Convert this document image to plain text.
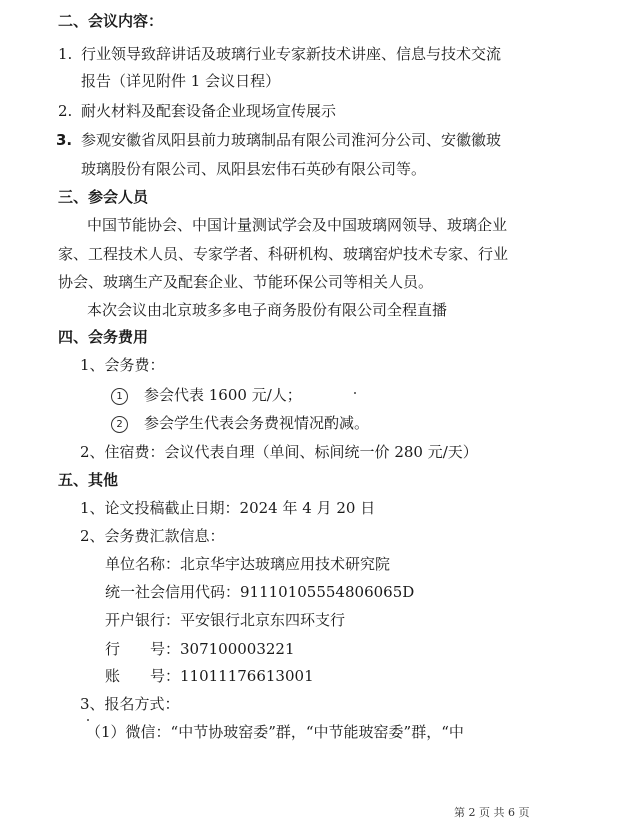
二、会议内容：
1. 行业领导致辞讲话及玻璃行业专家新技术讲座、信息与技术交流
报告（详见附件 1 会议日程）
2. 耐火材料及配套设备企业现场宣传展示
3. 参观安徽省凤阳县前力玻璃制品有限公司淮河分公司、安徽徽玻
玻璃股份有限公司、凤阳县宏伟石英砂有限公司等。
三、参会人员
中国节能协会、中国计量测试学会及中国玻璃网领导、玻璃企业
家、工程技术人员、专家学者、科研机构、玻璃窑炉技术专家、行业
协会、玻璃生产及配套企业、节能环保公司等相关人员。
本次会议由北京玻多多电子商务股份有限公司全程直播
四、会务费用
1、会务费：
1 参会代表 1600 元/人；
2 参会学生代表会务费视情况酌减。
2、住宿费：会议代表自理（单间、标间统一价 280 元/天）
五、其他
1、论文投稿截止日期：2024 年 4 月 20 日
2、会务费汇款信息：
单位名称：北京华宇达玻璃应用技术研究院
统一社会信用代码：91110105554806065D
开户银行：平安银行北京东四环支行
行　　号：307100003221
账　　号：11011176613001
3、报名方式：
（1）微信：“中节协玻窑委”群，“中节能玻窑委”群，“中
第 2 页 共 6 页
